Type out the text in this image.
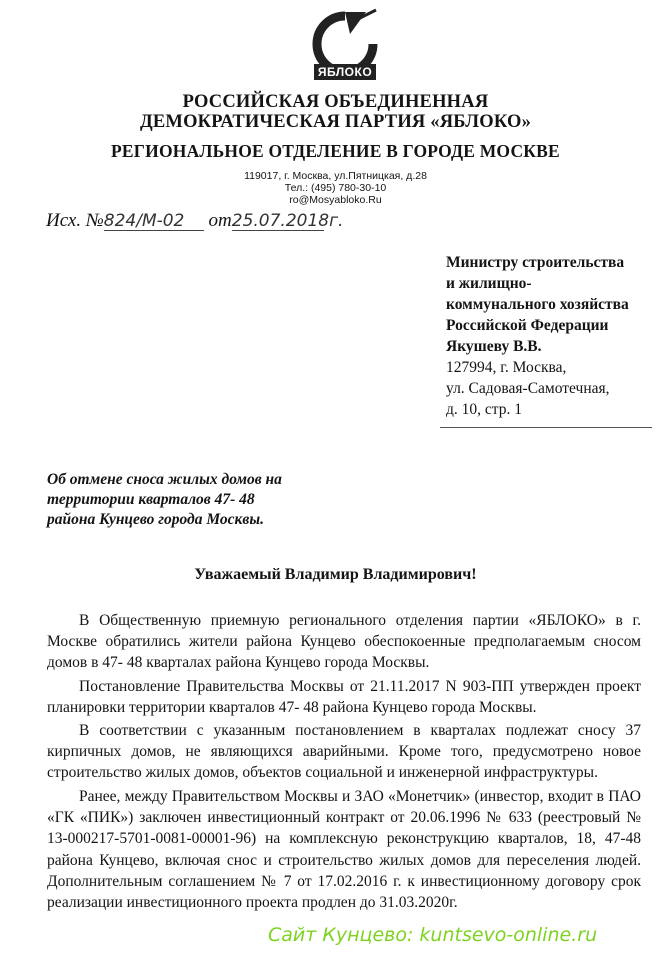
ЯБЛОКО
РОССИЙСКАЯ ОБЪЕДИНЕННАЯ
ДЕМОКРАТИЧЕСКАЯ ПАРТИЯ «ЯБЛОКО»
РЕГИОНАЛЬНОЕ ОТДЕЛЕНИЕ В ГОРОДЕ МОСКВЕ
119017, г. Москва, ул.Пятницкая, д.28
Тел.: (495) 780-30-10
ro@Mosyabloko.Ru
Исх. №824/М-02 от25.07.2018г.
Министру строительства
и жилищно-
коммунального хозяйства
Российской Федерации
Якушеву В.В.
127994, г. Москва,
ул. Садовая-Самотечная,
д. 10, стр. 1
Об отмене сноса жилых домов на
территории кварталов 47- 48
района Кунцево города Москвы.
Уважаемый Владимир Владимирович!
В Общественную приемную регионального отделения партии «ЯБЛОКО» в г. Москве обратились жители района Кунцево обеспокоенные предполагаемым сносом домов в 47- 48 кварталах района Кунцево города Москвы.
Постановление Правительства Москвы от 21.11.2017 N 903-ПП утвержден проект планировки территории кварталов 47- 48 района Кунцево города Москвы.
В соответствии с указанным постановлением в кварталах подлежат сносу 37 кирпичных домов, не являющихся аварийными. Кроме того, предусмотрено новое строительство жилых домов, объектов социальной и инженерной инфраструктуры.
Ранее, между Правительством Москвы и ЗАО «Монетчик» (инвестор, входит в ПАО «ГК «ПИК») заключен инвестиционный контракт от 20.06.1996 № 633 (реестровый № 13-000217-5701-0081-00001-96) на комплексную реконструкцию кварталов, 18, 47-48 района Кунцево, включая снос и строительство жилых домов для переселения людей. Дополнительным соглашением № 7 от 17.02.2016 г. к инвестиционному договору срок реализации инвестиционного проекта продлен до 31.03.2020г.
Сайт Кунцево: kuntsevo-online.ru
